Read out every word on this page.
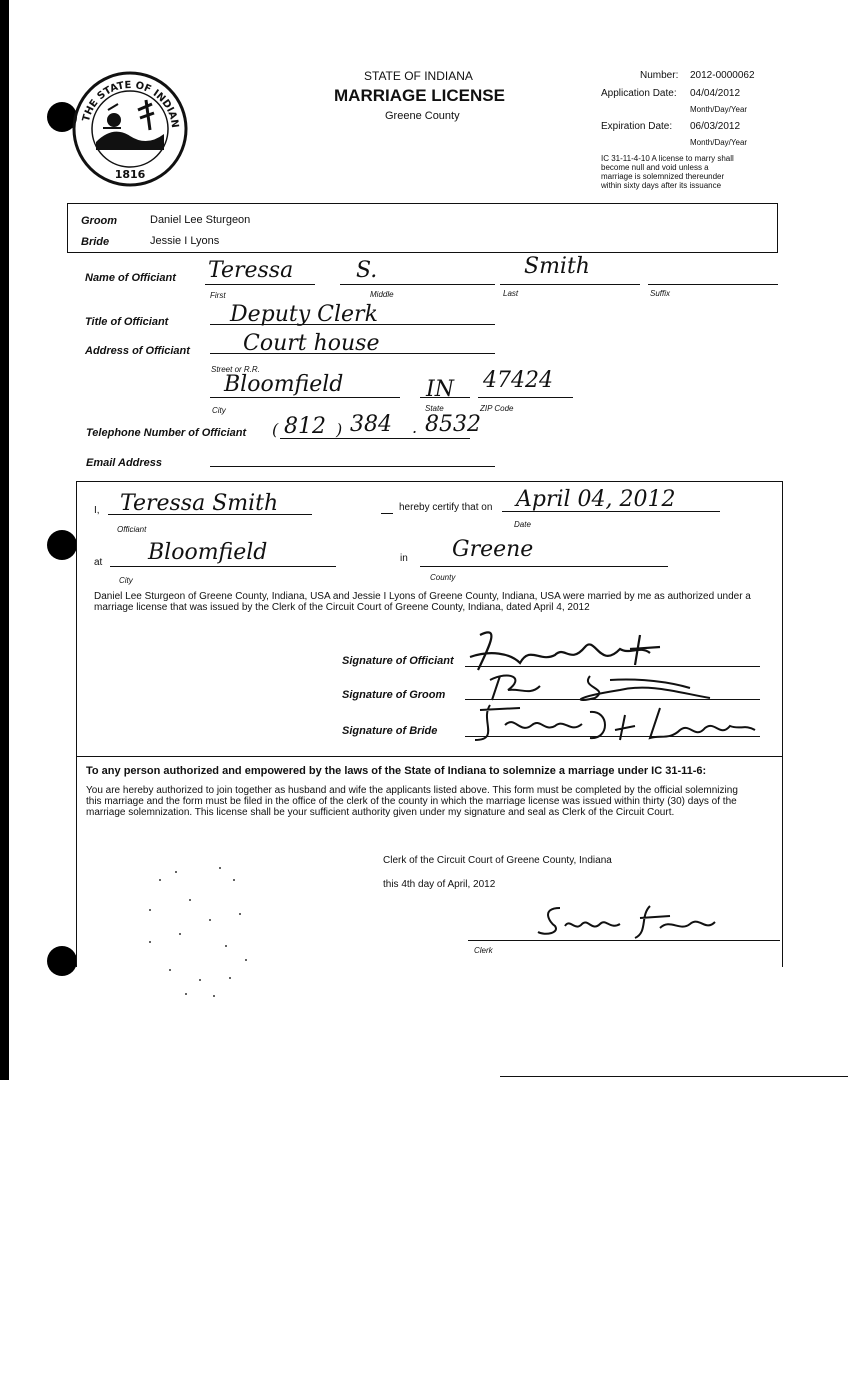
THE STATE OF INDIANA
1816
STATE OF INDIANA
MARRIAGE LICENSE
Greene County
Number: 2012-0000062
Application Date: 04/04/2012
Month/Day/Year
Expiration Date: 06/03/2012
Month/Day/Year
IC 31-11-4-10 A license to marry shall
become null and void unless a
marriage is solemnized thereunder
within sixty days after its issuance
Groom	Daniel Lee Sturgeon
Bride	Jessie I Lyons
Name of Officiant Teressa	S.	Smith
First	Middle	Last	Suffix
Title of Officiant	Deputy Clerk
Address of Officiant Court house
Street or R.R.
Bloomfield	IN 47424
City	State	ZIP Code
Telephone Number of Officiant ( 812 ) 384 . 8532
Email Address
I, Teressa Smith
Officiant
hereby certify that on April 04, 2012
Date
at Bloomfield
City
in Greene
County
Daniel Lee Sturgeon of Greene County, Indiana, USA and Jessie I Lyons of Greene County, Indiana, USA were married by me as authorized under a marriage license that was issued by the Clerk of the Circuit Court of Greene County, Indiana, dated April 4, 2012
Signature of Officiant
Signature of Groom
Signature of Bride
To any person authorized and empowered by the laws of the State of Indiana to solemnize a marriage under IC 31-11-6:
You are hereby authorized to join together as husband and wife the applicants listed above. This form must be completed by the official solemnizing this marriage and the form must be filed in the office of the clerk of the county in which the marriage license was issued within thirty (30) days of the marriage solemnization. This license shall be your sufficient authority given under my signature and seal as Clerk of the Circuit Court.
Clerk of the Circuit Court of Greene County, Indiana
this 4th day of April, 2012
Clerk
